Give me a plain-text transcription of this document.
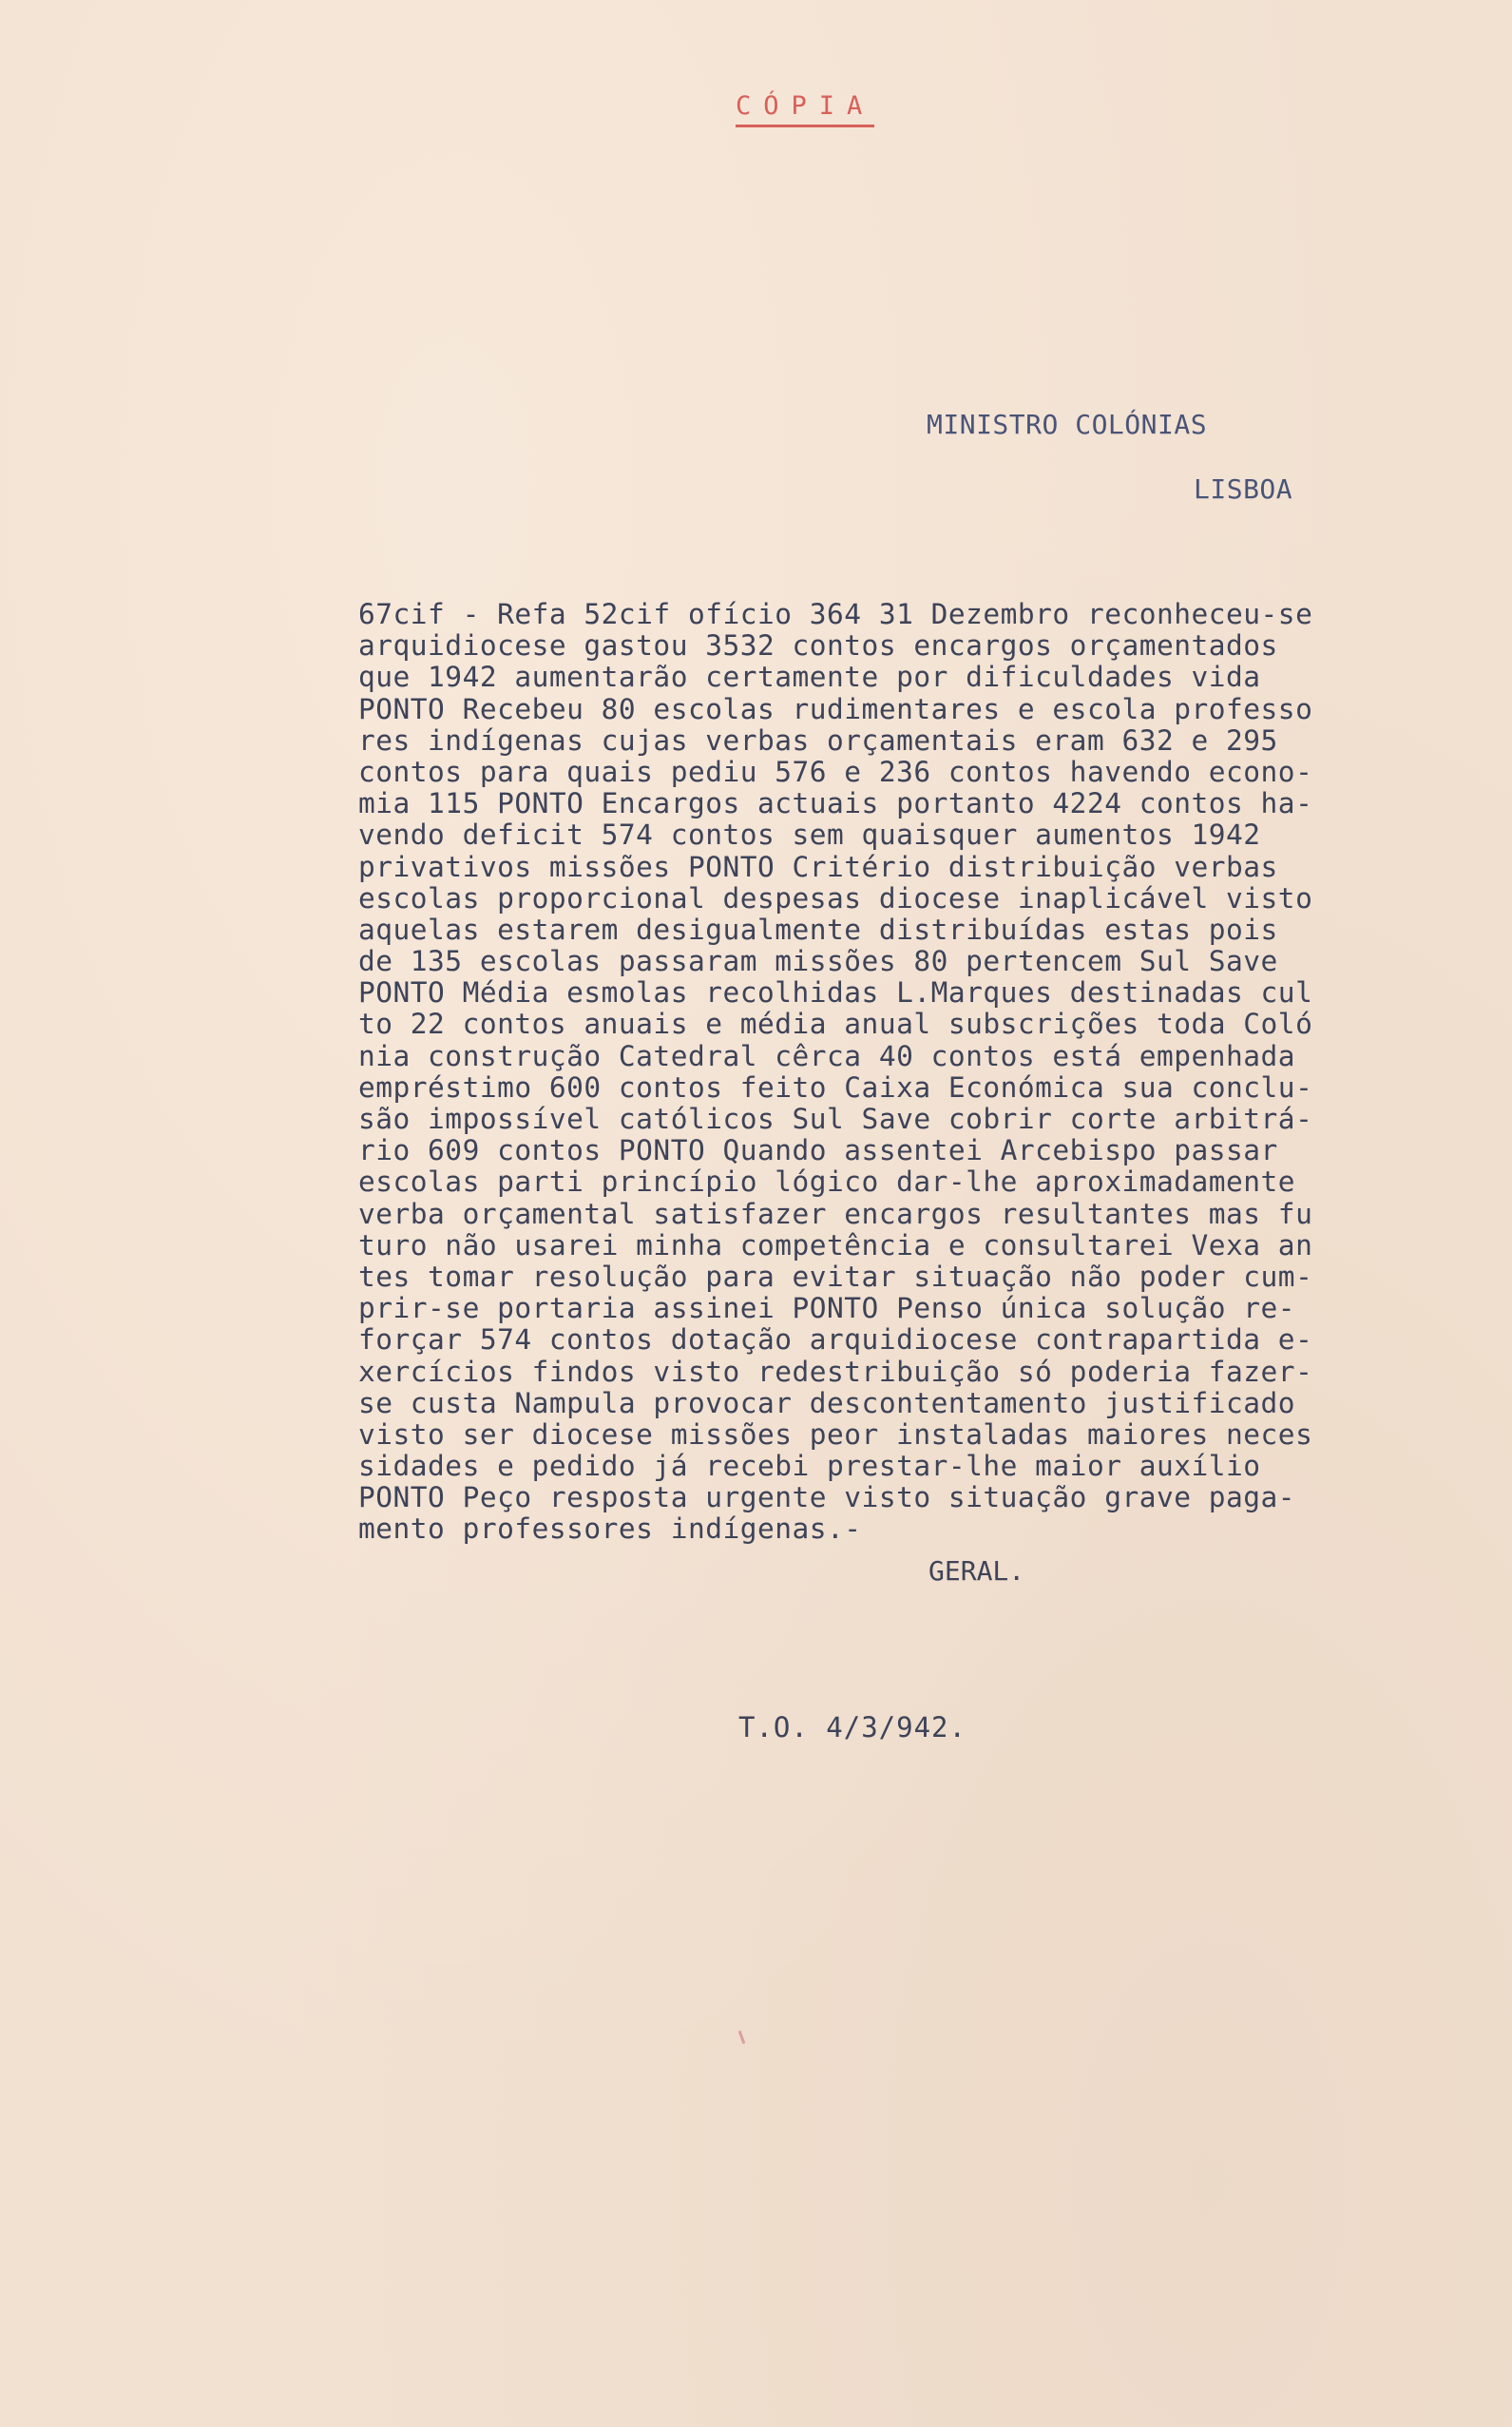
CÓPIA
MINISTRO COLÓNIAS
LISBOA
67cif - Refa 52cif ofício 364 31 Dezembro reconheceu-se
arquidiocese gastou 3532 contos encargos orçamentados
que 1942 aumentarão certamente por dificuldades vida
PONTO Recebeu 80 escolas rudimentares e escola professo
res indígenas cujas verbas orçamentais eram 632 e 295
contos para quais pediu 576 e 236 contos havendo econo-
mia 115 PONTO Encargos actuais portanto 4224 contos ha-
vendo deficit 574 contos sem quaisquer aumentos 1942
privativos missões PONTO Critério distribuição verbas
escolas proporcional despesas diocese inaplicável visto
aquelas estarem desigualmente distribuídas estas pois
de 135 escolas passaram missões 80 pertencem Sul Save
PONTO Média esmolas recolhidas L.Marques destinadas cul
to 22 contos anuais e média anual subscrições toda Coló
nia construção Catedral cêrca 40 contos está empenhada
empréstimo 600 contos feito Caixa Económica sua conclu-
são impossível católicos Sul Save cobrir corte arbitrá-
rio 609 contos PONTO Quando assentei Arcebispo passar
escolas parti princípio lógico dar-lhe aproximadamente
verba orçamental satisfazer encargos resultantes mas fu
turo não usarei minha competência e consultarei Vexa an
tes tomar resolução para evitar situação não poder cum-
prir-se portaria assinei PONTO Penso única solução re-
forçar 574 contos dotação arquidiocese contrapartida e-
xercícios findos visto redestribuição só poderia fazer-
se custa Nampula provocar descontentamento justificado
visto ser diocese missões peor instaladas maiores neces
sidades e pedido já recebi prestar-lhe maior auxílio
PONTO Peço resposta urgente visto situação grave paga-
mento professores indígenas.-
GERAL.
T.O. 4/3/942.
